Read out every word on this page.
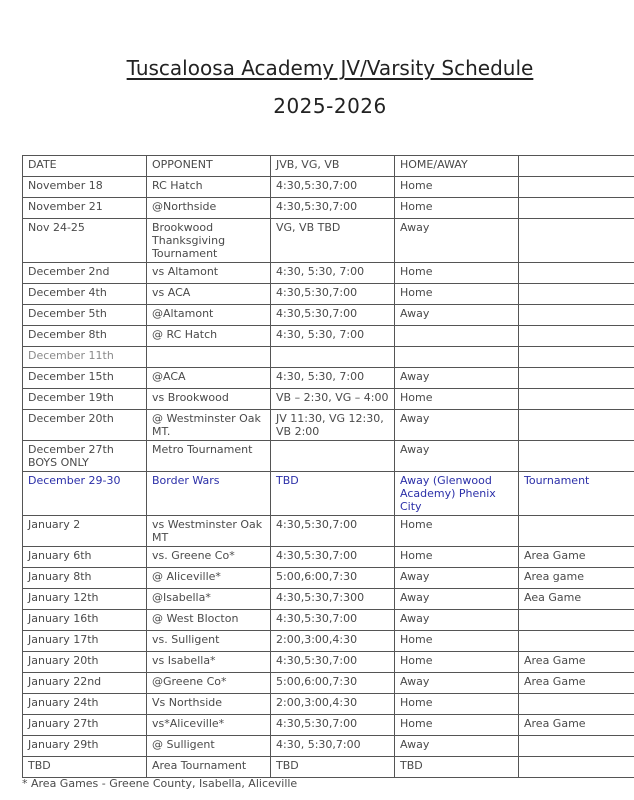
Tuscaloosa Academy JV/Varsity Schedule
2025-2026
DATE	OPPONENT	JVB, VG, VB	HOME/AWAY	
November 18	RC Hatch	4:30,5:30,7:00	Home	
November 21	@Northside	4:30,5:30,7:00	Home	
Nov 24-25	Brookwood Thanksgiving Tournament	VG, VB TBD	Away	
December 2nd	vs Altamont	4:30, 5:30, 7:00	Home	
December 4th	vs ACA	4:30,5:30,7:00	Home	
December 5th	@Altamont	4:30,5:30,7:00	Away	
December 8th	@ RC Hatch	4:30, 5:30, 7:00		
December 11th				
December 15th	@ACA	4:30, 5:30, 7:00	Away	
December 19th	vs Brookwood	VB – 2:30, VG – 4:00	Home	
December 20th	@ Westminster Oak MT.	JV 11:30, VG 12:30, VB 2:00	Away	
December 27th BOYS ONLY	Metro Tournament		Away	
December 29-30	Border Wars	TBD	Away (Glenwood Academy) Phenix City	Tournament
January 2	vs Westminster Oak MT	4:30,5:30,7:00	Home	
January 6th	vs. Greene Co*	4:30,5:30,7:00	Home	Area Game
January 8th	@ Aliceville*	5:00,6:00,7:30	Away	Area game
January 12th	@Isabella*	4:30,5:30,7:300	Away	Aea Game
January 16th	@ West Blocton	4:30,5:30,7:00	Away	
January 17th	vs. Sulligent	2:00,3:00,4:30	Home	
January 20th	vs Isabella*	4:30,5:30,7:00	Home	Area Game
January 22nd	@Greene Co*	5:00,6:00,7:30	Away	Area Game
January 24th	Vs Northside	2:00,3:00,4:30	Home	
January 27th	vs*Aliceville*	4:30,5:30,7:00	Home	Area Game
January 29th	@ Sulligent	4:30, 5:30,7:00	Away	
TBD	Area Tournament	TBD	TBD	
* Area Games - Greene County, Isabella, Aliceville
